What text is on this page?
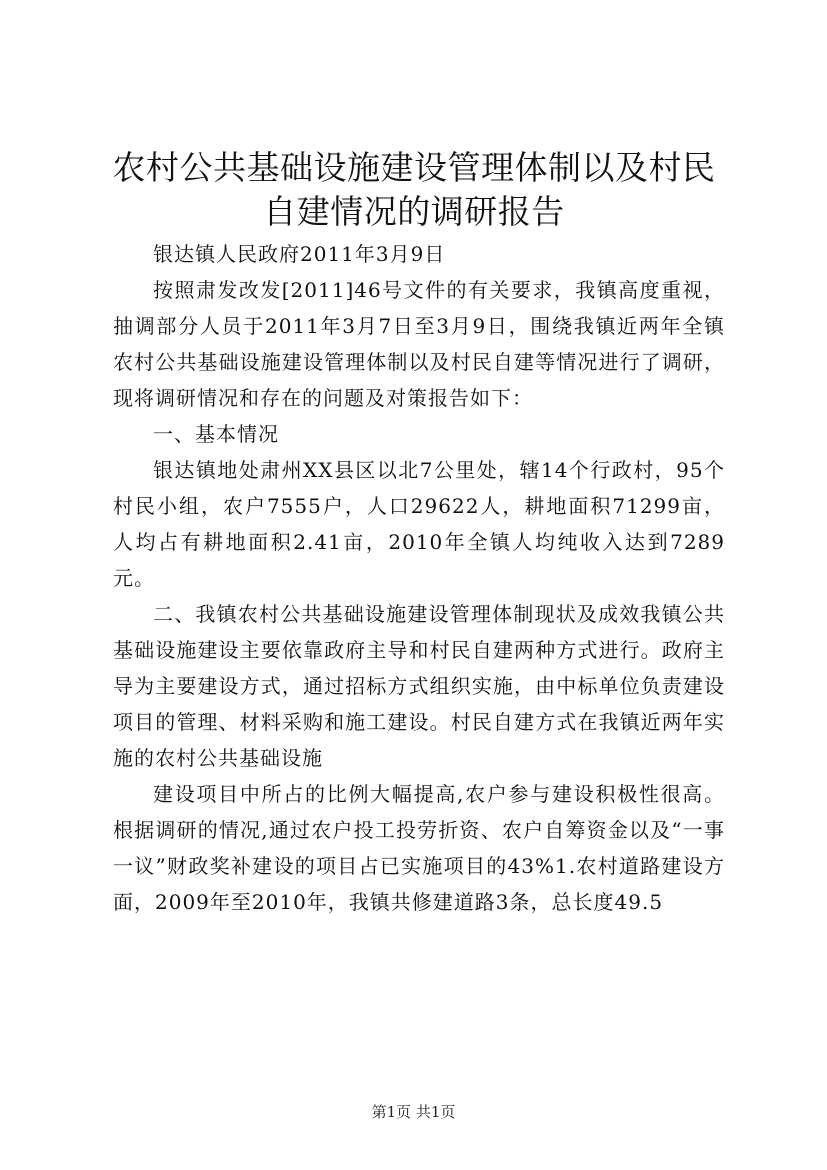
农村公共基础设施建设管理体制以及村民自建情况的调研报告

银达镇人民政府2011年3月9日

按照肃发改发[2011]46号文件的有关要求，我镇高度重视，抽调部分人员于2011年3月7日至3月9日，围绕我镇近两年全镇农村公共基础设施建设管理体制以及村民自建等情况进行了调研，现将调研情况和存在的问题及对策报告如下：

一、基本情况

银达镇地处肃州XX县区以北7公里处，辖14个行政村，95个村民小组，农户7555户，人口29622人，耕地面积71299亩，人均占有耕地面积2.41亩，2010年全镇人均纯收入达到7289元。

二、我镇农村公共基础设施建设管理体制现状及成效我镇公共基础设施建设主要依靠政府主导和村民自建两种方式进行。政府主导为主要建设方式，通过招标方式组织实施，由中标单位负责建设项目的管理、材料采购和施工建设。村民自建方式在我镇近两年实施的农村公共基础设施

建设项目中所占的比例大幅提高,农户参与建设积极性很高。根据调研的情况,通过农户投工投劳折资、农户自筹资金以及“一事一议”财政奖补建设的项目占已实施项目的43%1.农村道路建设方面，2009年至2010年，我镇共修建道路3条，总长度49.5

第1页 共1页
